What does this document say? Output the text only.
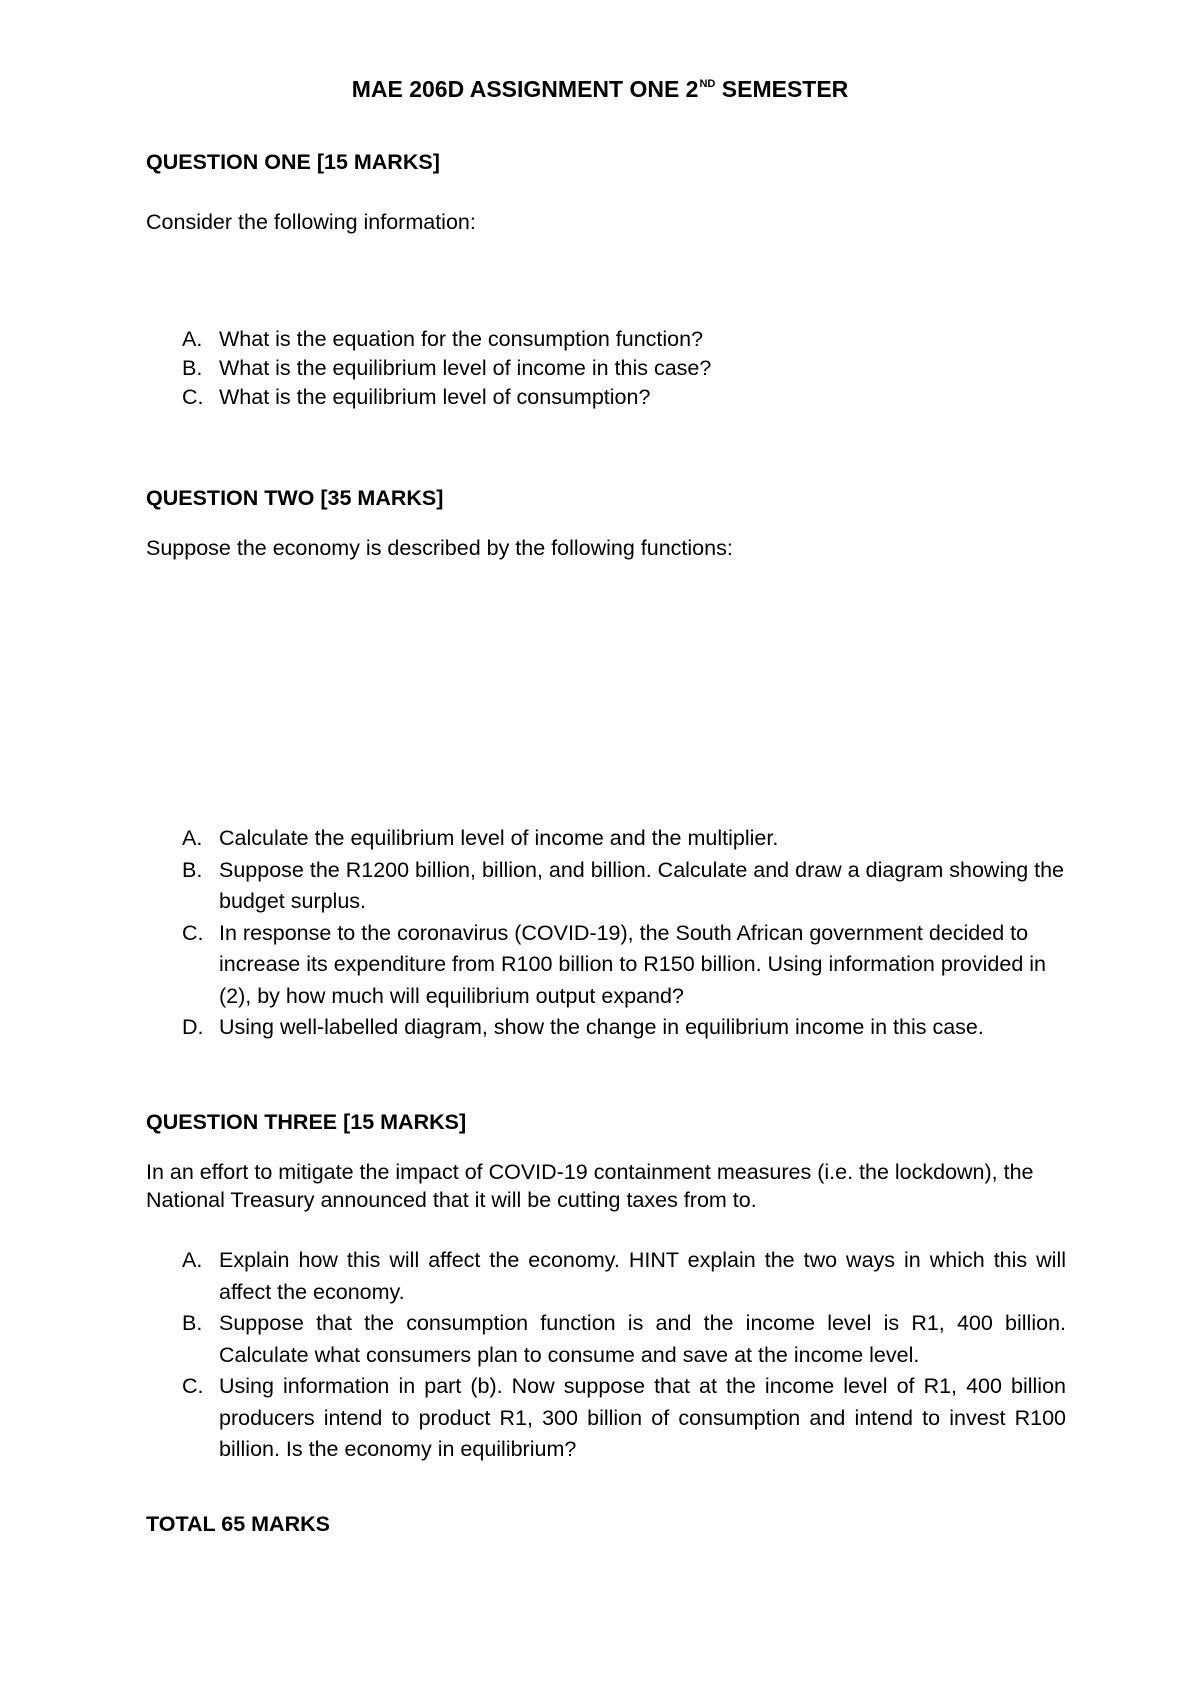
MAE 206D ASSIGNMENT ONE 2ND SEMESTER
QUESTION ONE [15 MARKS]
Consider the following information:
A. What is the equation for the consumption function?
B. What is the equilibrium level of income in this case?
C. What is the equilibrium level of consumption?
QUESTION TWO [35 MARKS]
Suppose the economy is described by the following functions:
A. Calculate the equilibrium level of income and the multiplier.
B. Suppose the R1200 billion, billion, and billion. Calculate and draw a diagram showing the budget surplus.
C. In response to the coronavirus (COVID-19), the South African government decided to increase its expenditure from R100 billion to R150 billion. Using information provided in (2), by how much will equilibrium output expand?
D. Using well-labelled diagram, show the change in equilibrium income in this case.
QUESTION THREE [15 MARKS]
In an effort to mitigate the impact of COVID-19 containment measures (i.e. the lockdown), the National Treasury announced that it will be cutting taxes from to.
A. Explain how this will affect the economy. HINT explain the two ways in which this will affect the economy.
B. Suppose that the consumption function is and the income level is R1, 400 billion. Calculate what consumers plan to consume and save at the income level.
C. Using information in part (b). Now suppose that at the income level of R1, 400 billion producers intend to product R1, 300 billion of consumption and intend to invest R100 billion. Is the economy in equilibrium?
TOTAL 65 MARKS
